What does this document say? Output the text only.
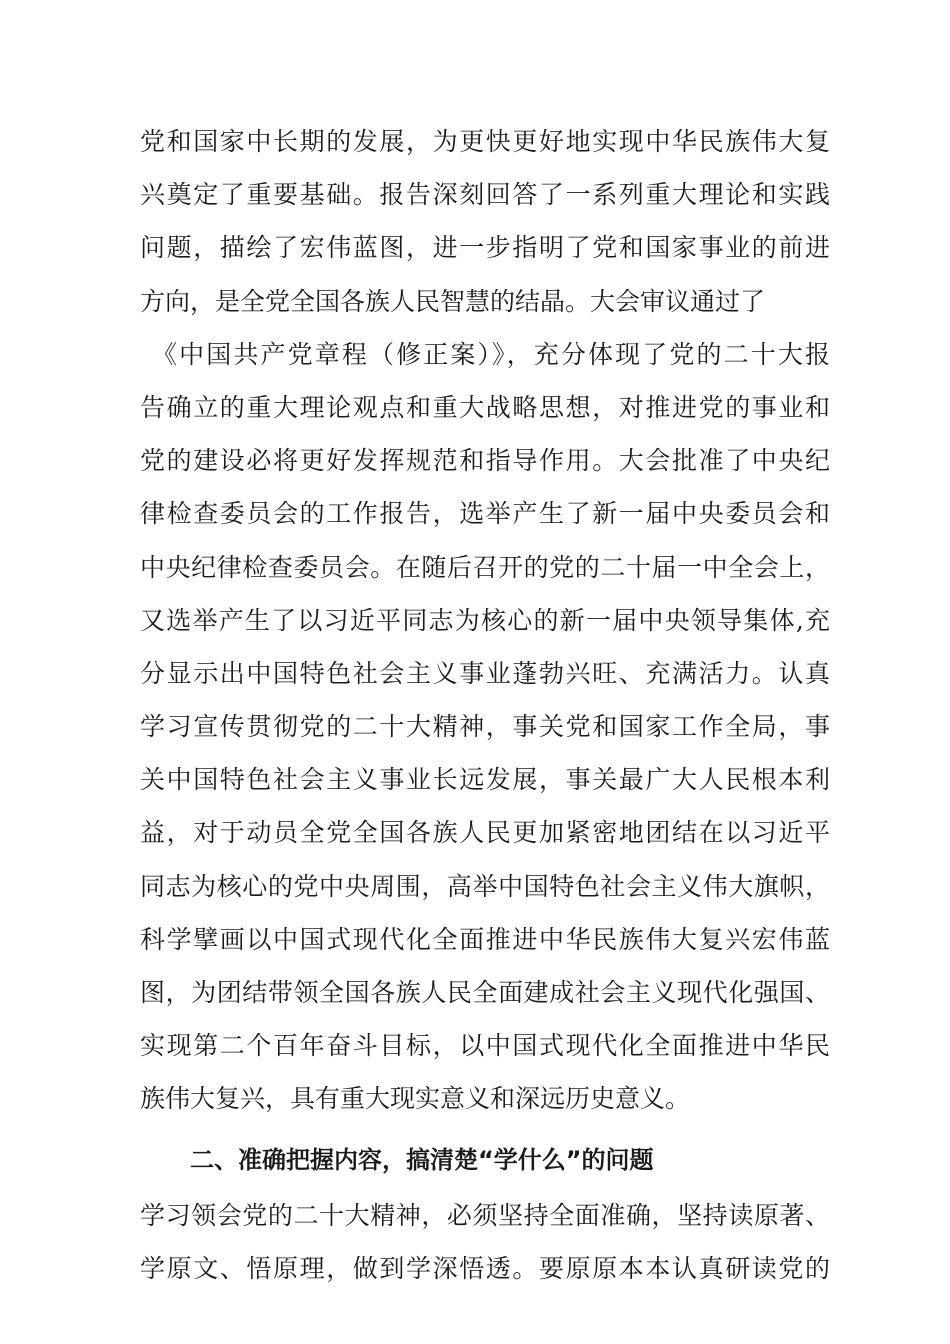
党和国家中长期的发展，为更快更好地实现中华民族伟大复
兴奠定了重要基础。报告深刻回答了一系列重大理论和实践
问题，描绘了宏伟蓝图，进一步指明了党和国家事业的前进
方向，是全党全国各族人民智慧的结晶。大会审议通过了
《中国共产党章程（修正案）》，充分体现了党的二十大报
告确立的重大理论观点和重大战略思想，对推进党的事业和
党的建设必将更好发挥规范和指导作用。大会批准了中央纪
律检查委员会的工作报告，选举产生了新一届中央委员会和
中央纪律检查委员会。在随后召开的党的二十届一中全会上，
又选举产生了以习近平同志为核心的新一届中央领导集体,充
分显示出中国特色社会主义事业蓬勃兴旺、充满活力。认真
学习宣传贯彻党的二十大精神，事关党和国家工作全局，事
关中国特色社会主义事业长远发展，事关最广大人民根本利
益，对于动员全党全国各族人民更加紧密地团结在以习近平
同志为核心的党中央周围，高举中国特色社会主义伟大旗帜，
科学擘画以中国式现代化全面推进中华民族伟大复兴宏伟蓝
图，为团结带领全国各族人民全面建成社会主义现代化强国、
实现第二个百年奋斗目标，以中国式现代化全面推进中华民
族伟大复兴，具有重大现实意义和深远历史意义。
二、准确把握内容，搞清楚“学什么”的问题
学习领会党的二十大精神，必须坚持全面准确，坚持读原著、
学原文、悟原理，做到学深悟透。要原原本本认真研读党的
